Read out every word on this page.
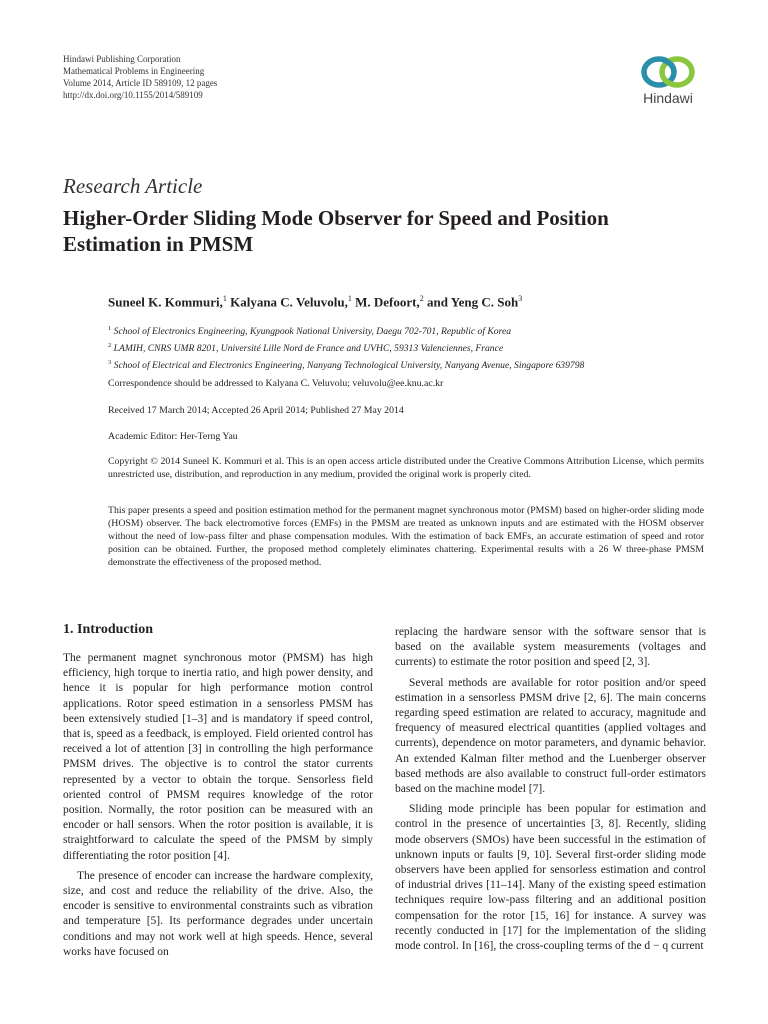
Hindawi Publishing Corporation
Mathematical Problems in Engineering
Volume 2014, Article ID 589109, 12 pages
http://dx.doi.org/10.1155/2014/589109	Hindawi
Research Article
Higher-Order Sliding Mode Observer for Speed and Position Estimation in PMSM
Suneel K. Kommuri,$^1$ Kalyana C. Veluvolu,$^1$ M. Defoort,$^2$ and Yeng C. Soh$^3$
$^1$ School of Electronics Engineering, Kyungpook National University, Daegu 702-701, Republic of Korea
$^2$ LAMIH, CNRS UMR 8201, Université Lille Nord de France and UVHC, 59313 Valenciennes, France
$^3$ School of Electrical and Electronics Engineering, Nanyang Technological University, Nanyang Avenue, Singapore 639798
Correspondence should be addressed to Kalyana C. Veluvolu; veluvolu@ee.knu.ac.kr
Received 17 March 2014; Accepted 26 April 2014; Published 27 May 2014
Academic Editor: Her-Terng Yau
Copyright © 2014 Suneel K. Kommuri et al. This is an open access article distributed under the Creative Commons Attribution License, which permits unrestricted use, distribution, and reproduction in any medium, provided the original work is properly cited.
This paper presents a speed and position estimation method for the permanent magnet synchronous motor (PMSM) based on higher-order sliding mode (HOSM) observer. The back electromotive forces (EMFs) in the PMSM are treated as unknown inputs and are estimated with the HOSM observer without the need of low-pass filter and phase compensation modules. With the estimation of back EMFs, an accurate estimation of speed and rotor position can be obtained. Further, the proposed method completely eliminates chattering. Experimental results with a 26 W three-phase PMSM demonstrate the effectiveness of the proposed method.
1. Introduction

The permanent magnet synchronous motor (PMSM) has high efficiency, high torque to inertia ratio, and high power density, and hence it is popular for high performance motion control applications. Rotor speed estimation in a sensorless PMSM has been extensively studied [1–3] and is mandatory if speed control, that is, speed as a feedback, is employed. Field oriented control has received a lot of attention [3] in controlling the high performance PMSM drives. The objective is to control the stator currents represented by a vector to obtain the torque. Sensorless field oriented control of PMSM requires knowledge of the rotor position. Normally, the rotor position can be measured with an encoder or hall sensors. When the rotor position is available, it is straightforward to calculate the speed of the PMSM by simply differentiating the rotor position [4].

The presence of encoder can increase the hardware complexity, size, and cost and reduce the reliability of the drive. Also, the encoder is sensitive to environmental constraints such as vibration and temperature [5]. Its performance degrades under uncertain conditions and may not work well at high speeds. Hence, several works have focused on

replacing the hardware sensor with the software sensor that is based on the available system measurements (voltages and currents) to estimate the rotor position and speed [2, 3].

Several methods are available for rotor position and/or speed estimation in a sensorless PMSM drive [2, 6]. The main concerns regarding speed estimation are related to accuracy, magnitude and frequency of measured electrical quantities (applied voltages and currents), dependence on motor parameters, and dynamic behavior. An extended Kalman filter method and the Luenberger observer based methods are also available to construct full-order estimators based on the machine model [7].

Sliding mode principle has been popular for estimation and control in the presence of uncertainties [3, 8]. Recently, sliding mode observers (SMOs) have been successful in the estimation of unknown inputs or faults [9, 10]. Several first-order sliding mode observers have been applied for sensorless estimation and control of industrial drives [11–14]. Many of the existing speed estimation techniques require low-pass filtering and an additional position compensation for the rotor [15, 16] for instance. A survey was recently conducted in [17] for the implementation of the sliding mode control. In [16], the cross-coupling terms of the d − q current
